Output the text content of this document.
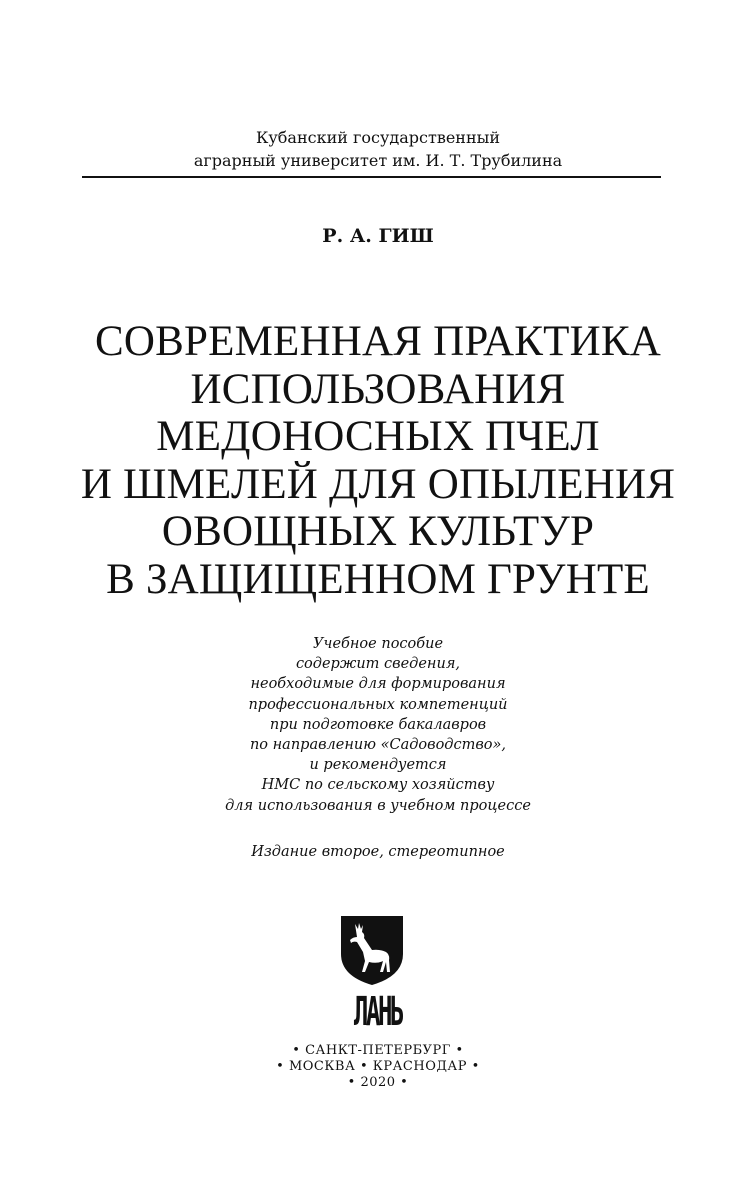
Кубанский государственный
аграрный университет им. И. Т. Трубилина
Р. А. ГИШ
СОВРЕМЕННАЯ ПРАКТИКА
ИСПОЛЬЗОВАНИЯ
МЕДОНОСНЫХ ПЧЕЛ
И ШМЕЛЕЙ ДЛЯ ОПЫЛЕНИЯ
ОВОЩНЫХ КУЛЬТУР
В ЗАЩИЩЕННОМ ГРУНТЕ
Учебное пособие
содержит сведения,
необходимые для формирования
профессиональных компетенций
при подготовке бакалавров
по направлению «Садоводство»,
и рекомендуется
НМС по сельскому хозяйству
для использования в учебном процессе
Издание второе, стереотипное
ЛАНЬ
• САНКТ-ПЕТЕРБУРГ •
• МОСКВА • КРАСНОДАР •
• 2020 •
